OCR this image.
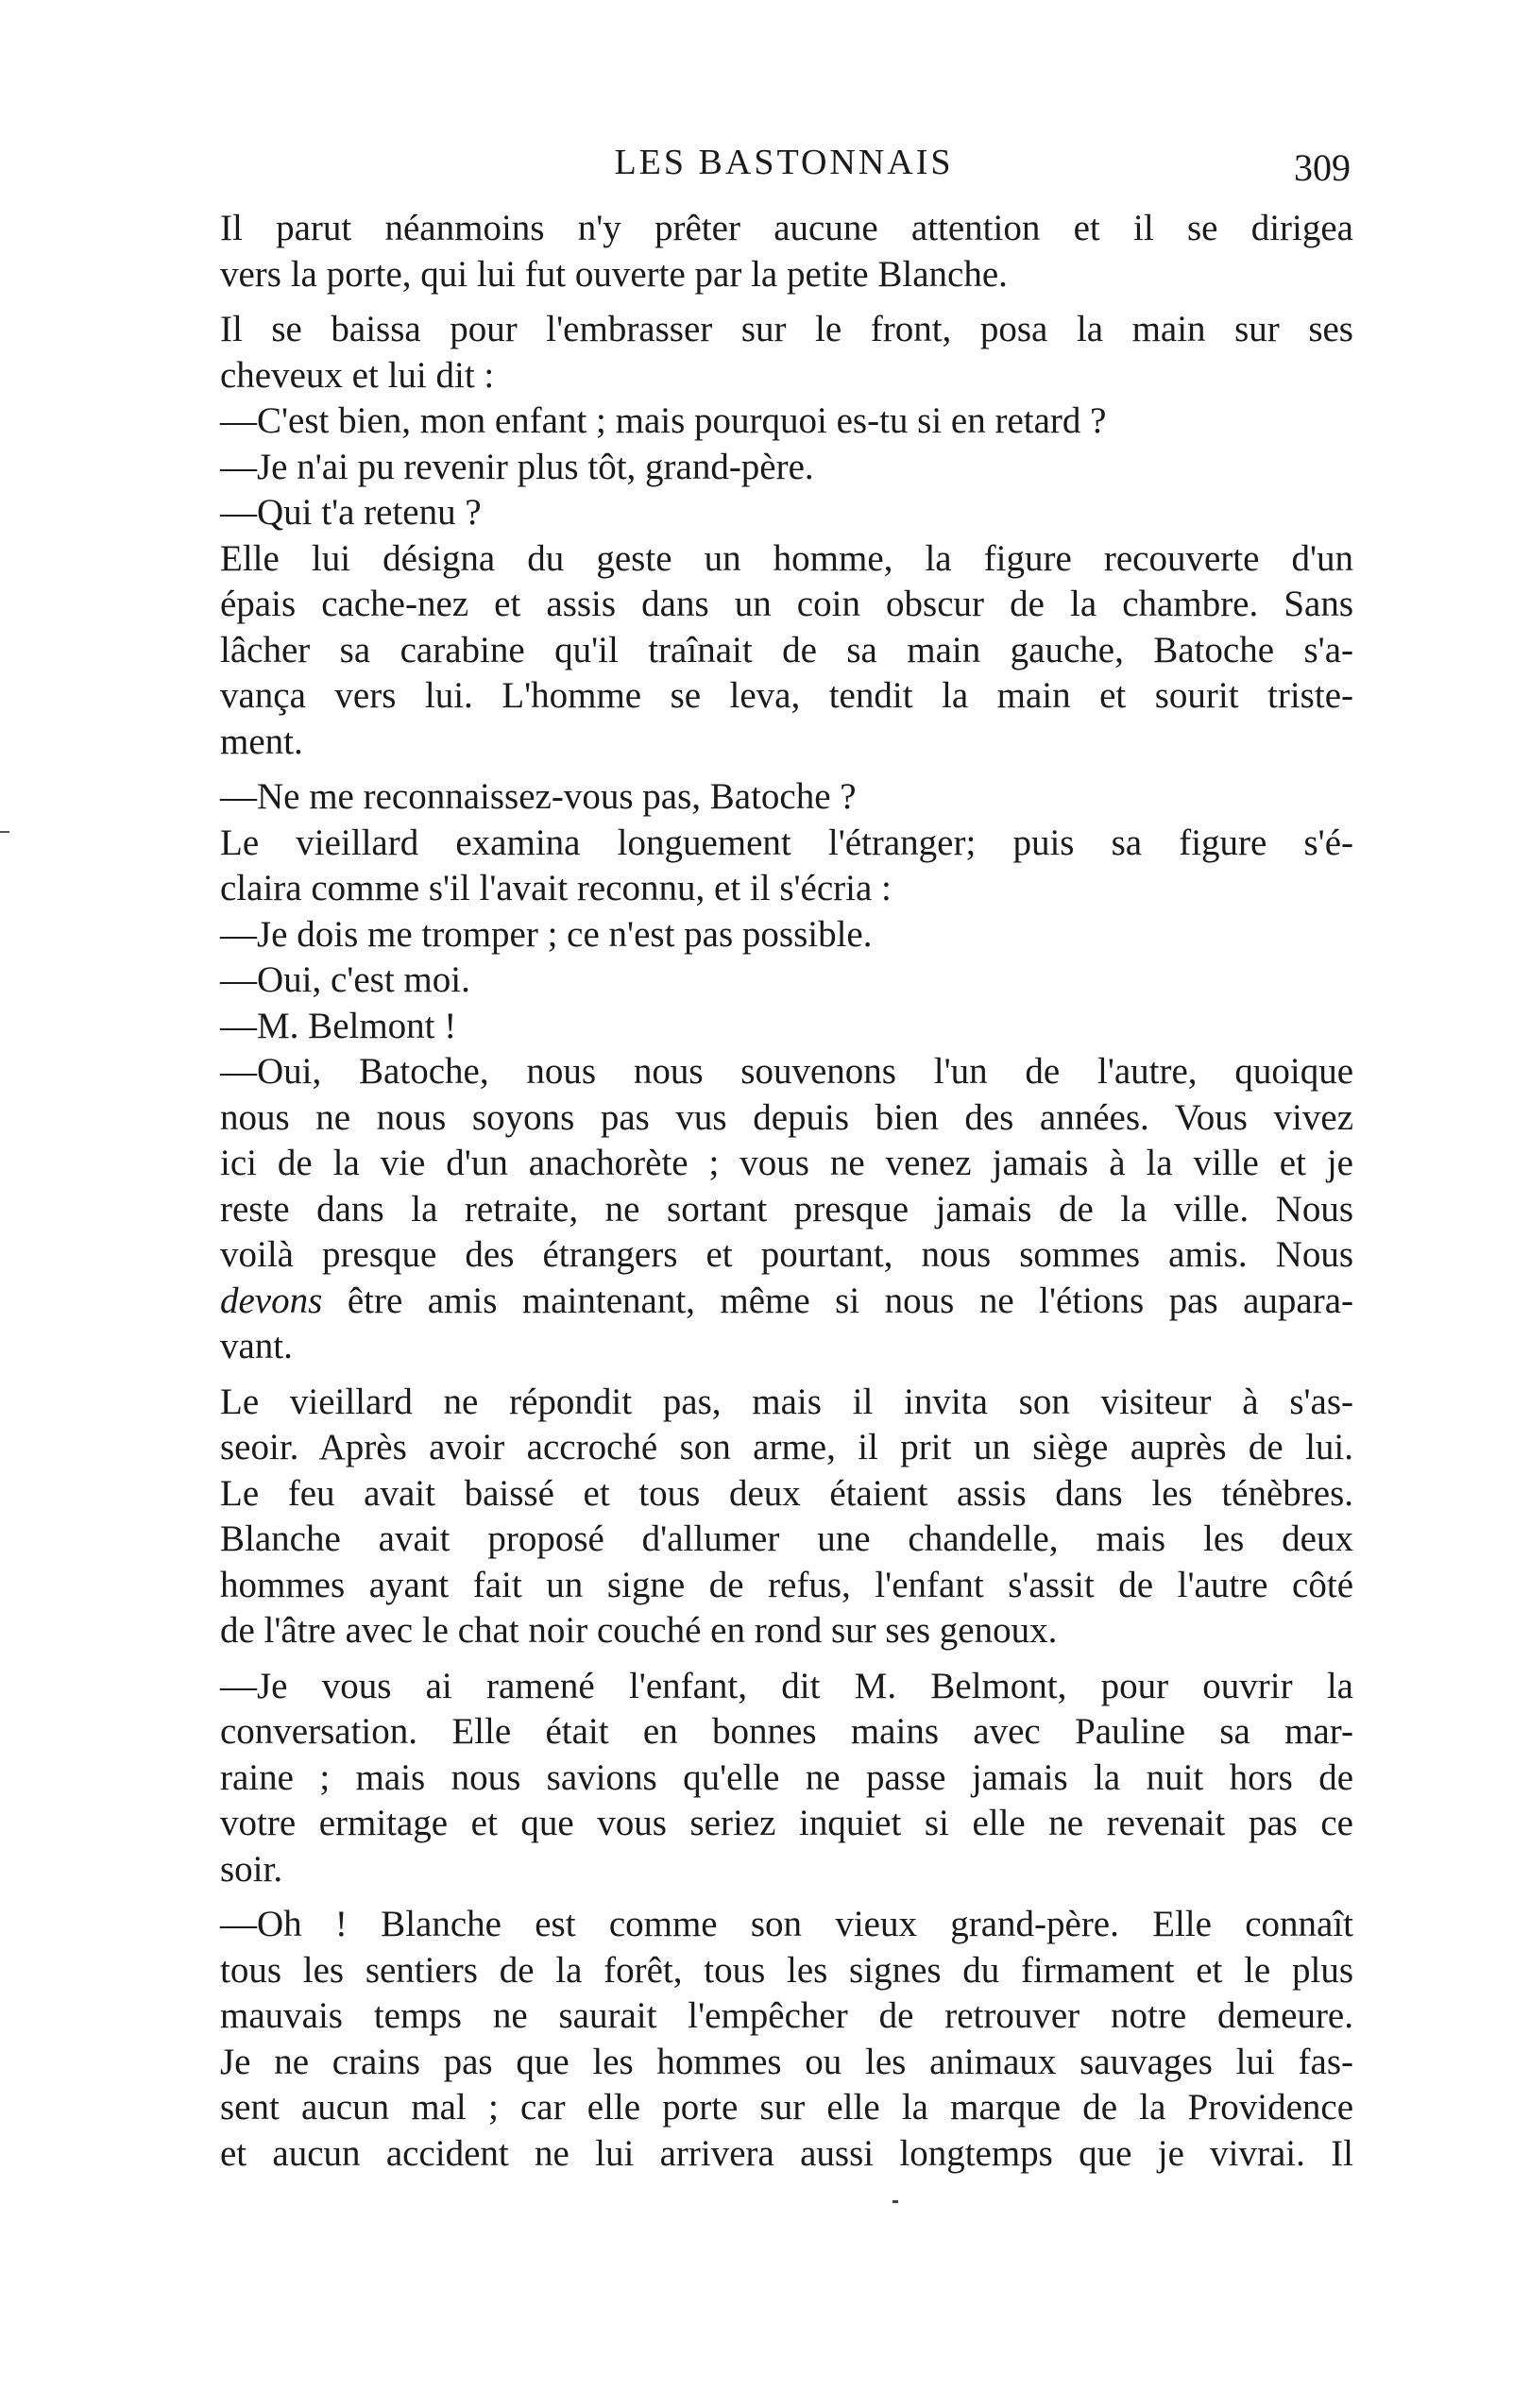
LES BASTONNAIS	309
Il parut néanmoins n'y prêter aucune attention et il se dirigea
vers la porte, qui lui fut ouverte par la petite Blanche.
Il se baissa pour l'embrasser sur le front, posa la main sur ses
cheveux et lui dit :
—C'est bien, mon enfant ; mais pourquoi es-tu si en retard ?
—Je n'ai pu revenir plus tôt, grand-père.
—Qui t'a retenu ?
Elle lui désigna du geste un homme, la figure recouverte d'un
épais cache-nez et assis dans un coin obscur de la chambre. Sans
lâcher sa carabine qu'il traînait de sa main gauche, Batoche s'a-
vança vers lui. L'homme se leva, tendit la main et sourit triste-
ment.
—Ne me reconnaissez-vous pas, Batoche ?
Le vieillard examina longuement l'étranger; puis sa figure s'é-
claira comme s'il l'avait reconnu, et il s'écria :
—Je dois me tromper ; ce n'est pas possible.
—Oui, c'est moi.
—M. Belmont !
—Oui, Batoche, nous nous souvenons l'un de l'autre, quoique
nous ne nous soyons pas vus depuis bien des années. Vous vivez
ici de la vie d'un anachorète ; vous ne venez jamais à la ville et je
reste dans la retraite, ne sortant presque jamais de la ville. Nous
voilà presque des étrangers et pourtant, nous sommes amis. Nous
devons être amis maintenant, même si nous ne l'étions pas aupara-
vant.
Le vieillard ne répondit pas, mais il invita son visiteur à s'as-
seoir. Après avoir accroché son arme, il prit un siège auprès de lui.
Le feu avait baissé et tous deux étaient assis dans les ténèbres.
Blanche avait proposé d'allumer une chandelle, mais les deux
hommes ayant fait un signe de refus, l'enfant s'assit de l'autre côté
de l'âtre avec le chat noir couché en rond sur ses genoux.
—Je vous ai ramené l'enfant, dit M. Belmont, pour ouvrir la
conversation. Elle était en bonnes mains avec Pauline sa mar-
raine ; mais nous savions qu'elle ne passe jamais la nuit hors de
votre ermitage et que vous seriez inquiet si elle ne revenait pas ce
soir.
—Oh ! Blanche est comme son vieux grand-père. Elle connaît
tous les sentiers de la forêt, tous les signes du firmament et le plus
mauvais temps ne saurait l'empêcher de retrouver notre demeure.
Je ne crains pas que les hommes ou les animaux sauvages lui fas-
sent aucun mal ; car elle porte sur elle la marque de la Providence
et aucun accident ne lui arrivera aussi longtemps que je vivrai. Il
